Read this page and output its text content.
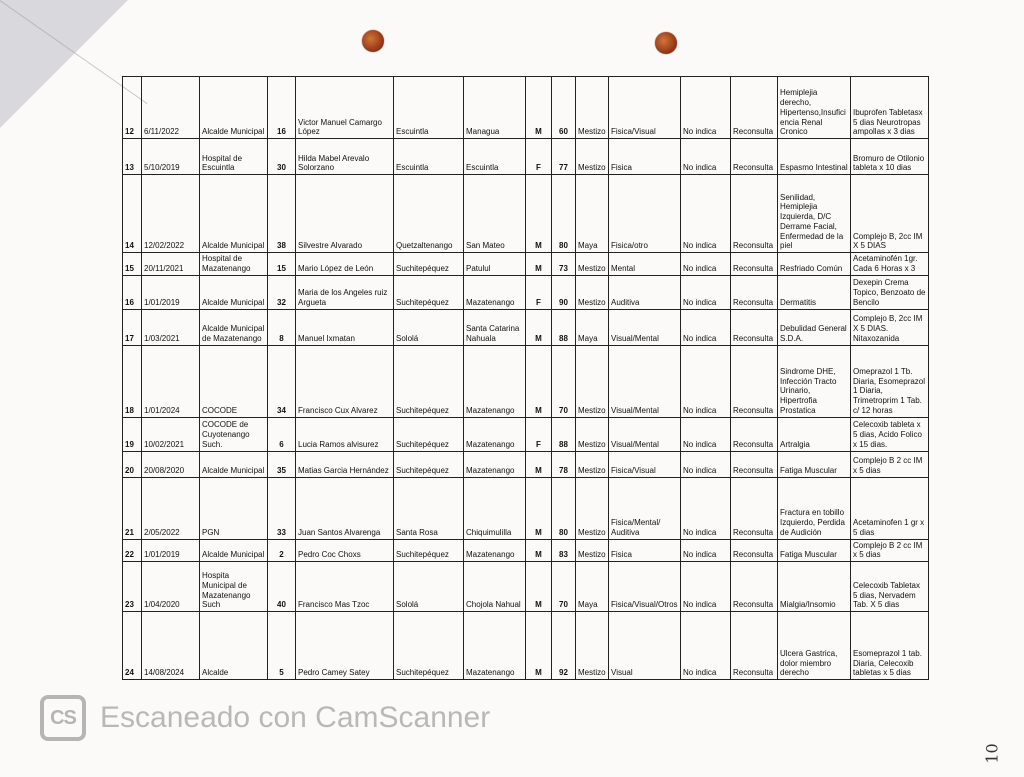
12	6/11/2022	Alcalde Municipal	16	Victor Manuel Camargo López	Escuintla	Managua	M	60	Mestizo	Fisica/Visual	No indica	Reconsulta	Hemiplejia derecho, Hipertenso,Insuficiencia Renal Cronico	Ibuprofen Tabletasx 5 dias Neurotropas ampollas x 3 dias
13	5/10/2019	Hospital de Escuintla	30	Hilda Mabel Arevalo Solorzano	Escuintla	Escuintla	F	77	Mestizo	Fisica	No indica	Reconsulta	Espasmo Intestinal	Bromuro de Otilonio tableta x 10 dias
14	12/02/2022	Alcalde Municipal	38	Silvestre Alvarado	Quetzaltenango	San Mateo	M	80	Maya	Fisica/otro	No indica	Reconsulta	Senilidad, Hemiplejia Izquierda, D/C Derrame Facial, Enfermedad de la piel	Complejo B, 2cc IM X 5 DIAS
15	20/11/2021	Hospital de Mazatenango	15	Mario López de León	Suchitepéquez	Patulul	M	73	Mestizo	Mental	No indica	Reconsulta	Resfriado Común	Acetaminofén 1gr. Cada 6 Horas x 3
16	1/01/2019	Alcalde Municipal	32	Maria de los Angeles ruiz Argueta	Suchitepéquez	Mazatenango	F	90	Mestizo	Auditiva	No indica	Reconsulta	Dermatitis	Dexepin Crema Topico, Benzoato de Bencilo
17	1/03/2021	Alcalde Municipal de Mazatenango	8	Manuel Ixmatan	Sololá	Santa Catarina Nahuala	M	88	Maya	Visual/Mental	No indica	Reconsulta	Debulidad General S.D.A.	Complejo B, 2cc IM X 5 DIAS. Nitaxozanida
18	1/01/2024	COCODE	34	Francisco Cux Alvarez	Suchitepéquez	Mazatenango	M	70	Mestizo	Visual/Mental	No indica	Reconsulta	Sindrome DHE, Infección Tracto Urinario, Hipertrofia Prostatica	Omeprazol 1 Tb. Diaria, Esomeprazol 1 Diaria, Trimetroprim 1 Tab. c/ 12 horas
19	10/02/2021	COCODE de Cuyotenango Such.	6	Lucia Ramos alvisurez	Suchitepéquez	Mazatenango	F	88	Mestizo	Visual/Mental	No indica	Reconsulta	Artralgia	Celecoxib tableta x 5 dias, Acido Folico x 15 dias.
20	20/08/2020	Alcalde Municipal	35	Matias Garcia Hernández	Suchitepéquez	Mazatenango	M	78	Mestizo	Fisica/Visual	No indica	Reconsulta	Fatiga Muscular	Complejo B 2 cc IM x 5 dias
21	2/05/2022	PGN	33	Juan Santos Alvarenga	Santa Rosa	Chiquimulilla	M	80	Mestizo	Fisica/Mental/ Auditiva	No indica	Reconsulta	Fractura en tobillo Izquierdo, Perdida de Audición	Acetaminofen 1 gr x 5 dias
22	1/01/2019	Alcalde Municipal	2	Pedro Coc Choxs	Suchitepéquez	Mazatenango	M	83	Mestizo	Fisica	No indica	Reconsulta	Fatiga Muscular	Complejo B 2 cc IM x 5 dias
23	1/04/2020	Hospita Municipal de Mazatenango Such	40	Francisco Mas Tzoc	Sololá	Chojola Nahual	M	70	Maya	Fisica/Visual/Otros	No indica	Reconsulta	Mialgia/Insomio	Celecoxib Tabletax 5 dias, Nervadem Tab. X 5 dias
24	14/08/2024	Alcalde	5	Pedro Camey Satey	Suchitepéquez	Mazatenango	M	92	Mestizo	Visual	No indica	Reconsulta	Ulcera Gastrica, dolor miembro derecho	Esomeprazol 1 tab. Diaria, Celecoxib tabletas x 5 dias
CS Escaneado con CamScanner
10
